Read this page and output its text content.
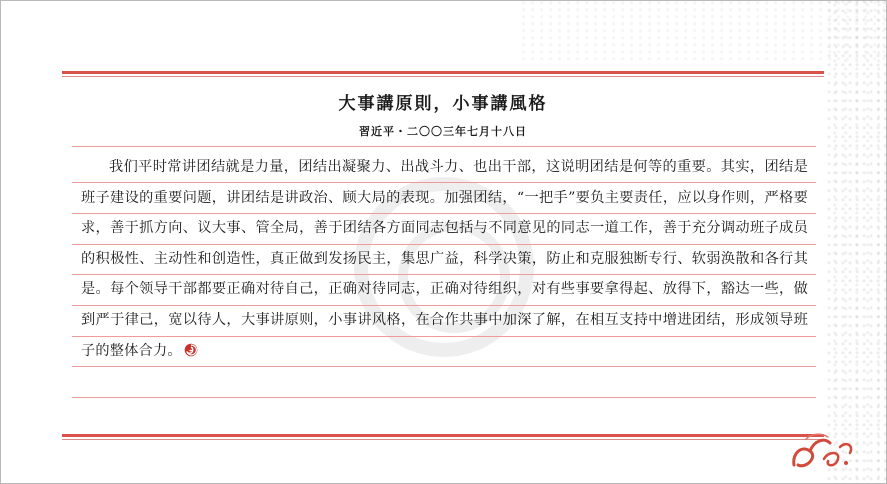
大事講原則，小事講風格
習近平・二〇〇三年七月十八日
我们平时常讲团结就是力量，团结出凝聚力、出战斗力、也出干部，这说明团结是何等的重要。其实，团结是班子建设的重要问题，讲团结是讲政治、顾大局的表现。加强团结，“一把手”要负主要责任，应以身作则，严格要求，善于抓方向、议大事、管全局，善于团结各方面同志包括与不同意见的同志一道工作，善于充分调动班子成员的积极性、主动性和创造性，真正做到发扬民主，集思广益，科学决策，防止和克服独断专行、软弱涣散和各行其是。每个领导干部都要正确对待自己，正确对待同志，正确对待组织，对有些事要拿得起、放得下，豁达一些，做到严于律己，宽以待人，大事讲原则，小事讲风格，在合作共事中加深了解，在相互支持中增进团结，形成领导班子的整体合力。
